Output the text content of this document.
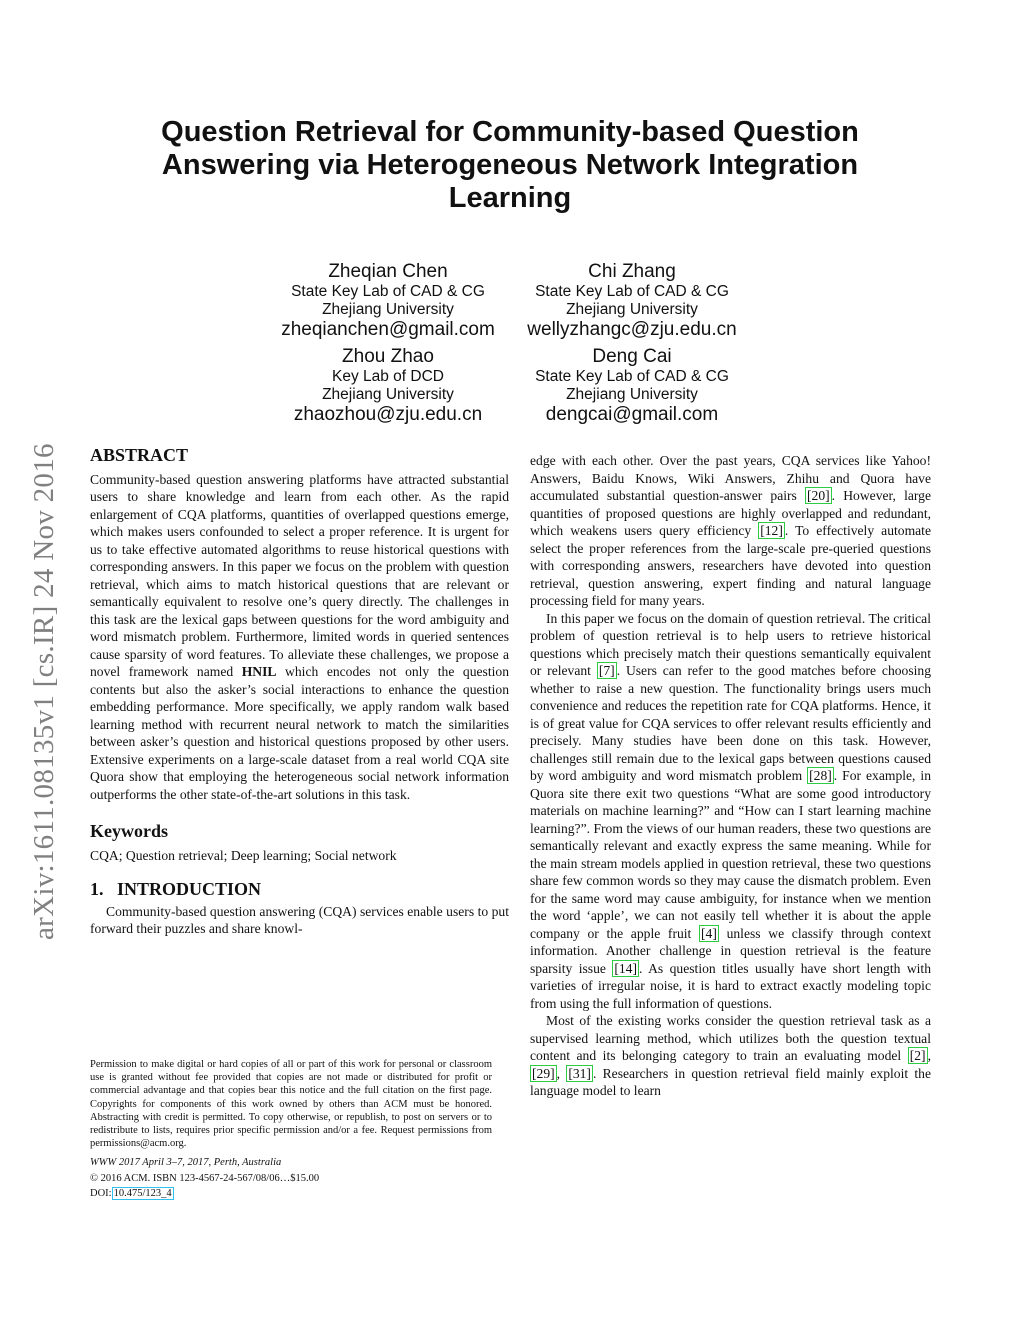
arXiv:1611.08135v1 [cs.IR] 24 Nov 2016
Question Retrieval for Community-based Question
Answering via Heterogeneous Network Integration
Learning
Zheqian Chen
State Key Lab of CAD & CG
Zhejiang University
zheqianchen@gmail.com
Chi Zhang
State Key Lab of CAD & CG
Zhejiang University
wellyzhangc@zju.edu.cn
Zhou Zhao
Key Lab of DCD
Zhejiang University
zhaozhou@zju.edu.cn
Deng Cai
State Key Lab of CAD & CG
Zhejiang University
dengcai@gmail.com
ABSTRACT

Community-based question answering platforms have attracted substantial users to share knowledge and learn from each other. As the rapid enlargement of CQA platforms, quantities of overlapped questions emerge, which makes users confounded to select a proper reference. It is urgent for us to take effective automated algorithms to reuse historical questions with corresponding answers. In this paper we focus on the problem with question retrieval, which aims to match historical questions that are relevant or semantically equivalent to resolve one’s query directly. The challenges in this task are the lexical gaps between questions for the word ambiguity and word mismatch problem. Furthermore, limited words in queried sentences cause sparsity of word features. To alleviate these challenges, we propose a novel framework named HNIL which encodes not only the question contents but also the asker’s social interactions to enhance the question embedding performance. More specifically, we apply random walk based learning method with recurrent neural network to match the similarities between asker’s question and historical questions proposed by other users. Extensive experiments on a large-scale dataset from a real world CQA site Quora show that employing the heterogeneous social network information outperforms the other state-of-the-art solutions in this task.

Keywords

CQA; Question retrieval; Deep learning; Social network

1.   INTRODUCTION

Community-based question answering (CQA) services enable users to put forward their puzzles and share knowl-

Permission to make digital or hard copies of all or part of this work for personal or classroom use is granted without fee provided that copies are not made or distributed for profit or commercial advantage and that copies bear this notice and the full citation on the first page. Copyrights for components of this work owned by others than ACM must be honored. Abstracting with credit is permitted. To copy otherwise, or republish, to post on servers or to redistribute to lists, requires prior specific permission and/or a fee. Request permissions from permissions@acm.org.

WWW 2017 April 3–7, 2017, Perth, Australia

© 2016 ACM. ISBN 123-4567-24-567/08/06…$15.00

DOI: 10.475/123_4

edge with each other. Over the past years, CQA services like Yahoo! Answers, Baidu Knows, Wiki Answers, Zhihu and Quora have accumulated substantial question-answer pairs [20] . However, large quantities of proposed questions are highly overlapped and redundant, which weakens users query efficiency [12] . To effectively automate select the proper references from the large-scale pre-queried questions with corresponding answers, researchers have devoted into question retrieval, question answering, expert finding and natural language processing field for many years.

In this paper we focus on the domain of question retrieval. The critical problem of question retrieval is to help users to retrieve historical questions which precisely match their questions semantically equivalent or relevant [7] . Users can refer to the good matches before choosing whether to raise a new question. The functionality brings users much convenience and reduces the repetition rate for CQA platforms. Hence, it is of great value for CQA services to offer relevant results efficiently and precisely. Many studies have been done on this task. However, challenges still remain due to the lexical gaps between questions caused by word ambiguity and word mismatch problem [28] . For example, in Quora site there exit two questions “What are some good introductory materials on machine learning?” and “How can I start learning machine learning?”. From the views of our human readers, these two questions are semantically relevant and exactly express the same meaning. While for the main stream models applied in question retrieval, these two questions share few common words so they may cause the dismatch problem. Even for the same word may cause ambiguity, for instance when we mention the word ‘apple’, we can not easily tell whether it is about the apple company or the apple fruit [4] unless we classify through context information. Another challenge in question retrieval is the feature sparsity issue [14] . As question titles usually have short length with varieties of irregular noise, it is hard to extract exactly modeling topic from using the full information of questions.

Most of the existing works consider the question retrieval task as a supervised learning method, which utilizes both the question textual content and its belonging category to train an evaluating model [2] , [29] , [31] . Researchers in question retrieval field mainly exploit the language model to learn
